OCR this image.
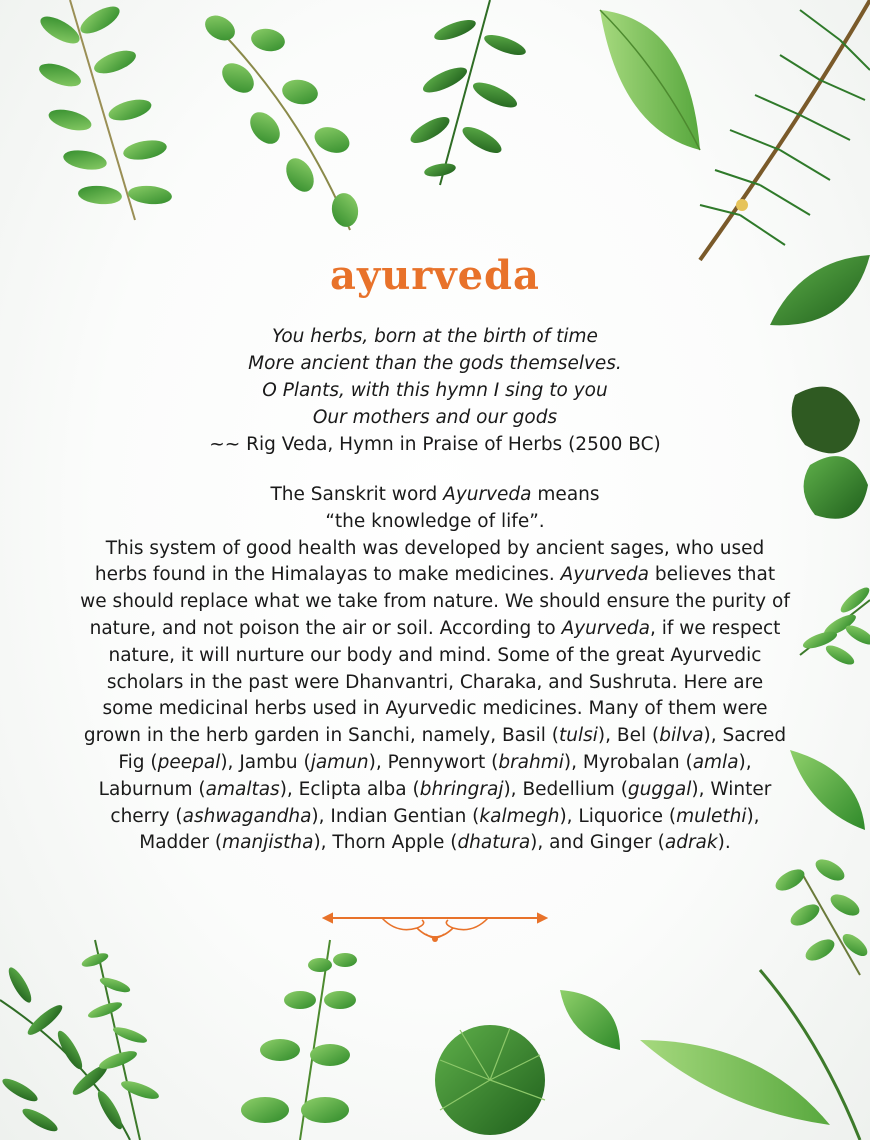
ayurveda
You herbs, born at the birth of time
More ancient than the gods themselves.
O Plants, with this hymn I sing to you
Our mothers and our gods
~~ Rig Veda, Hymn in Praise of Herbs (2500 BC)
The Sanskrit word Ayurveda means
“the knowledge of life”.
This system of good health was developed by ancient sages, who used herbs found in the Himalayas to make medicines. Ayurveda believes that we should replace what we take from nature. We should ensure the purity of nature, and not poison the air or soil. According to Ayurveda, if we respect nature, it will nurture our body and mind. Some of the great Ayurvedic scholars in the past were Dhanvantri, Charaka, and Sushruta. Here are some medicinal herbs used in Ayurvedic medicines. Many of them were grown in the herb garden in Sanchi, namely, Basil (tulsi), Bel (bilva), Sacred Fig (peepal), Jambu (jamun), Pennywort (brahmi), Myrobalan (amla), Laburnum (amaltas), Eclipta alba (bhringraj), Bedellium (guggal), Winter cherry (ashwagandha), Indian Gentian (kalmegh), Liquorice (mulethi), Madder (manjistha), Thorn Apple (dhatura), and Ginger (adrak).
